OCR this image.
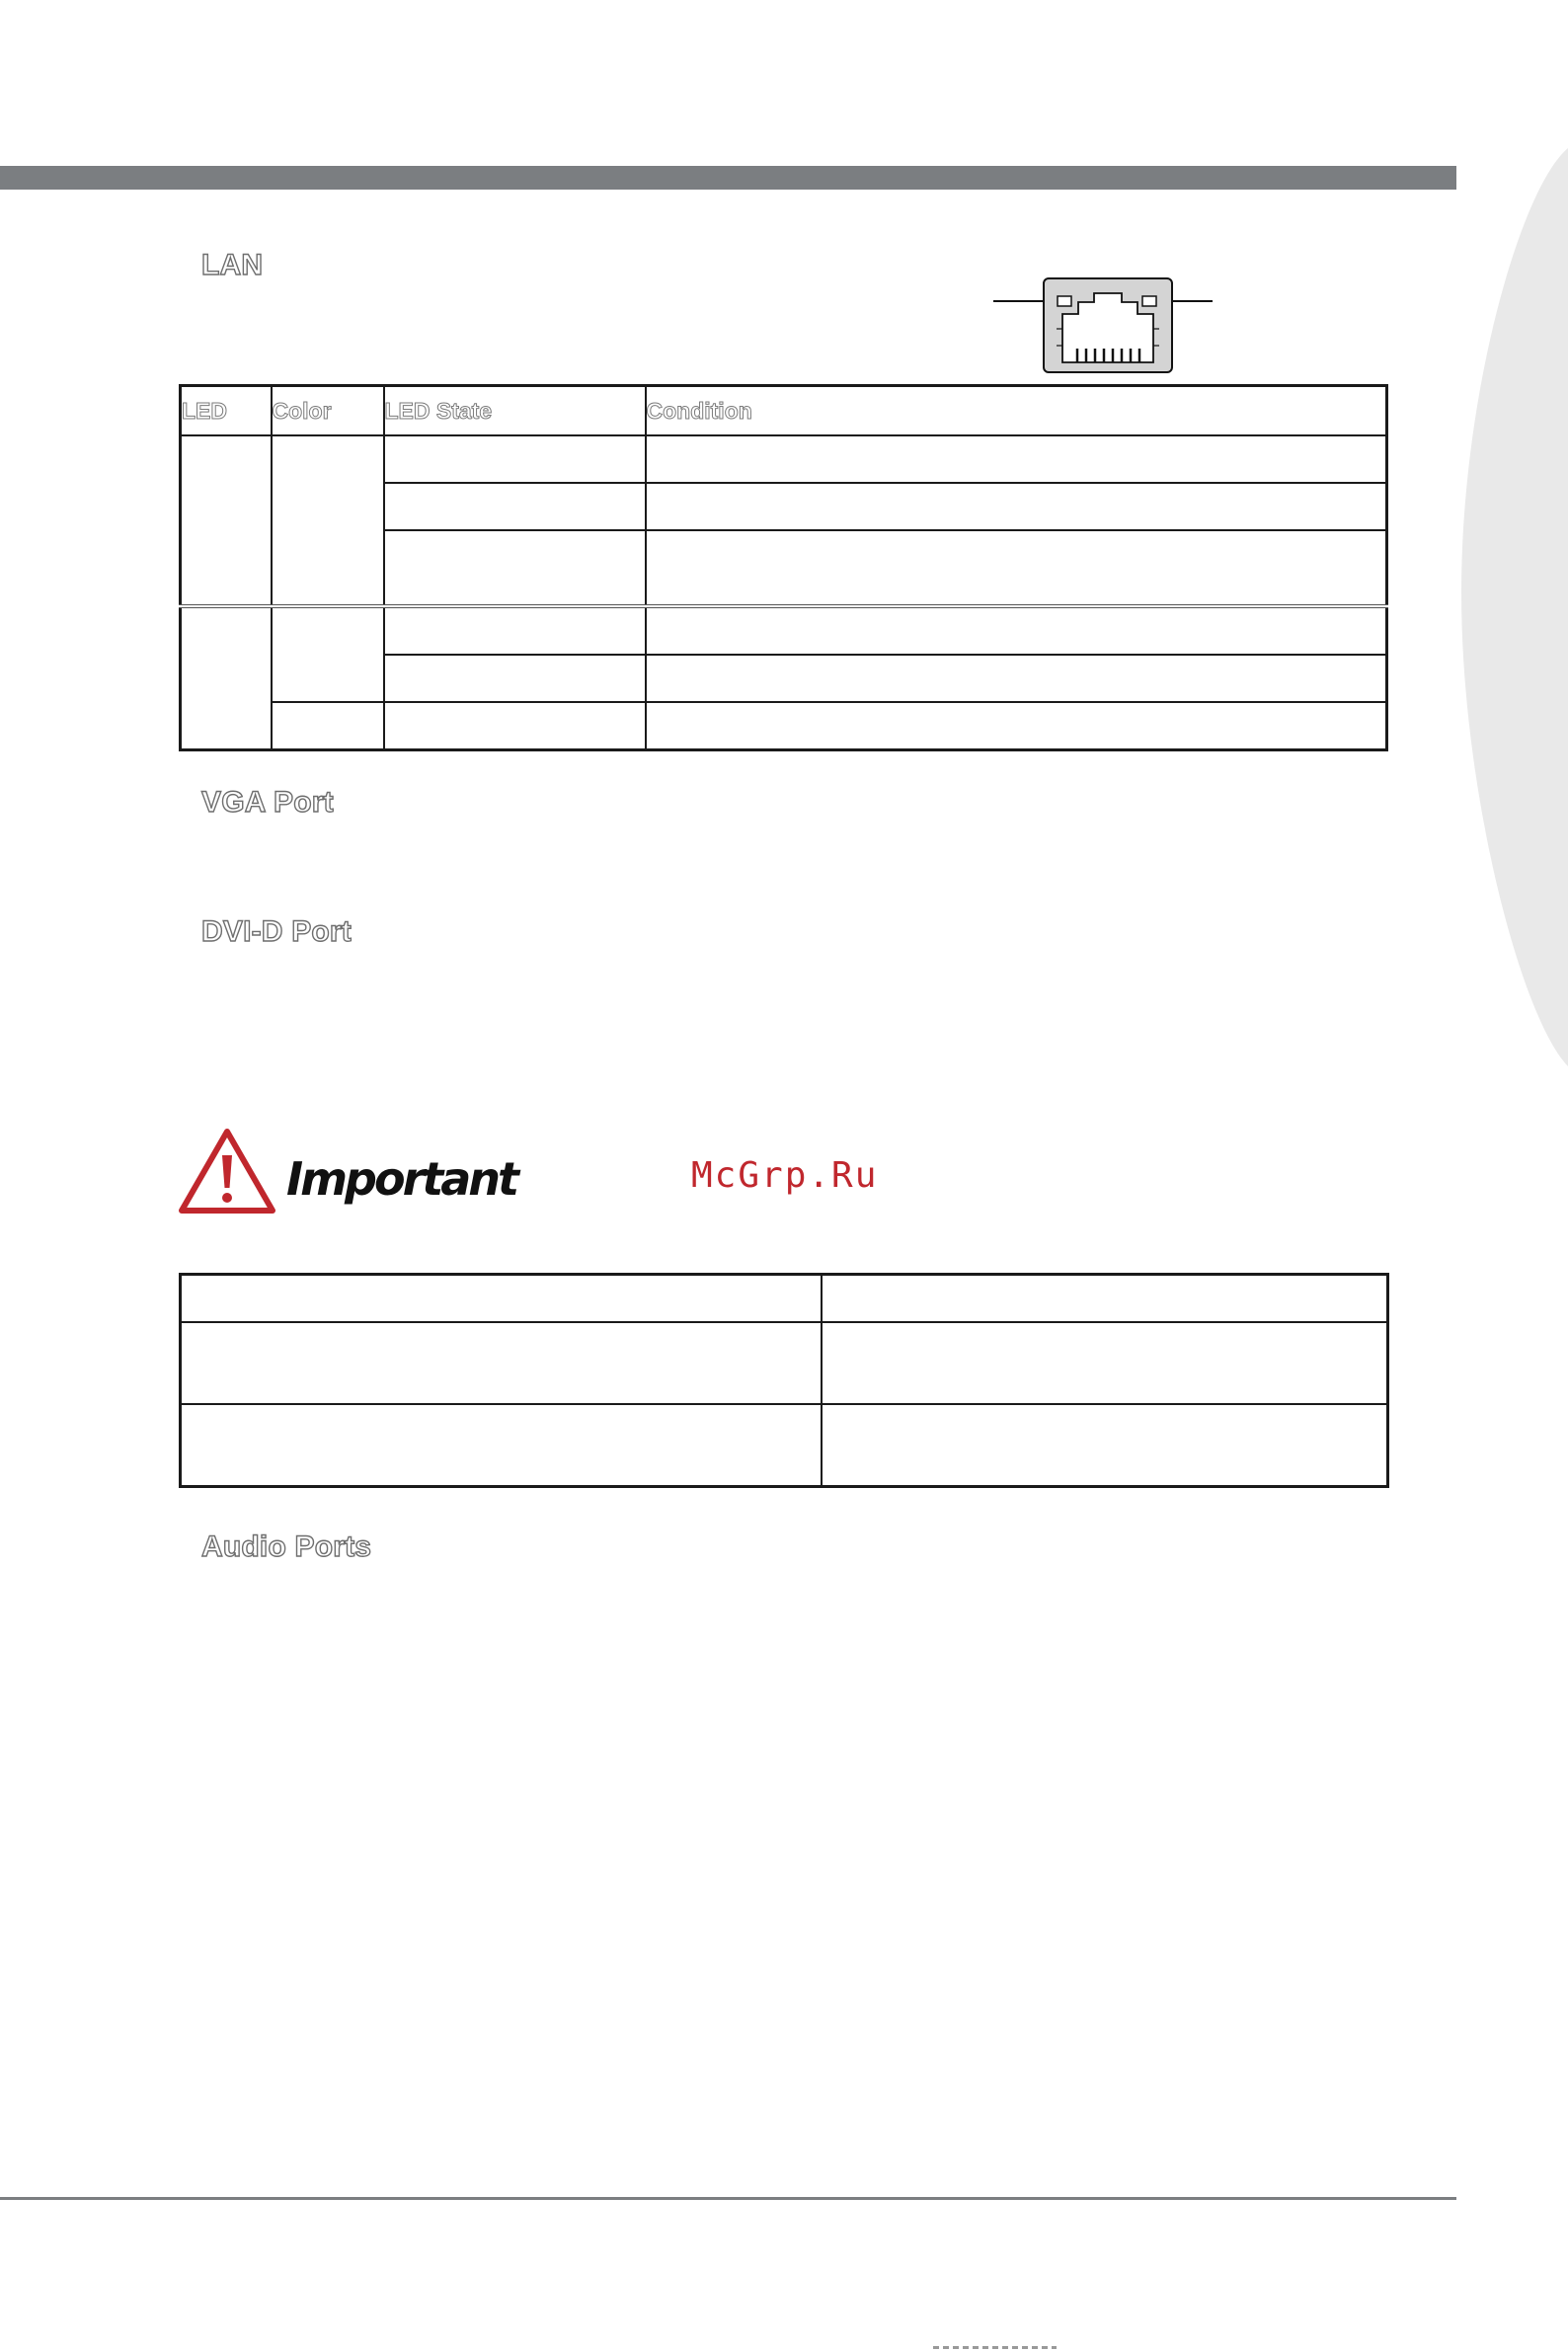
LAN
LED	Color	LED State	Condition

VGA Port
DVI-D Port
Important	McGrp.Ru

Audio Ports
